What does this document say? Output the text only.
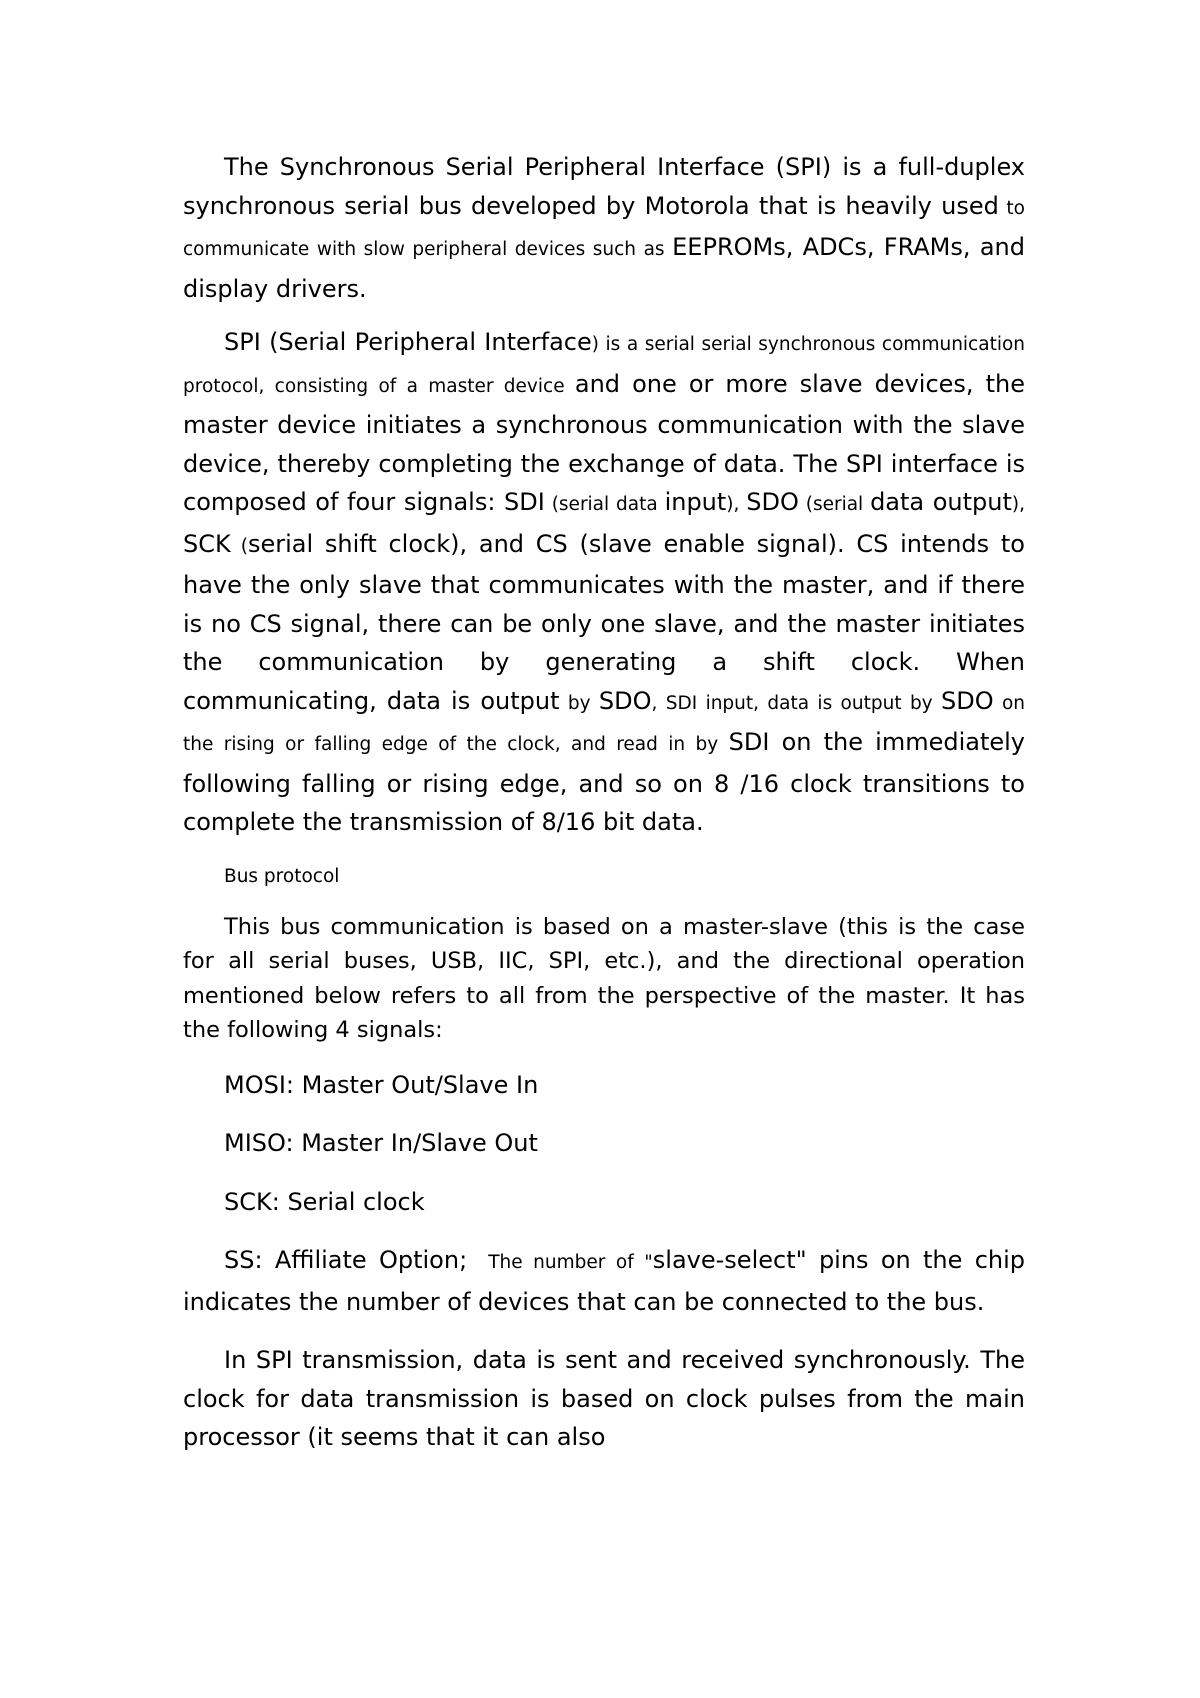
The Synchronous Serial Peripheral Interface (SPI) is a full-duplex synchronous serial bus developed by Motorola that is heavily used to communicate with slow peripheral devices such as EEPROMs, ADCs, FRAMs, and display drivers.

SPI (Serial Peripheral Interface) is a serial serial synchronous communication protocol, consisting of a master device and one or more slave devices, the master device initiates a synchronous communication with the slave device, thereby completing the exchange of data. The SPI interface is composed of four signals: SDI (serial data input), SDO (serial data output), SCK (serial shift clock), and CS (slave enable signal). CS intends to have the only slave that communicates with the master, and if there is no CS signal, there can be only one slave, and the master initiates the communication by generating a shift clock. When communicating, data is output by SDO, SDI input, data is output by SDO on the rising or falling edge of the clock, and read in by SDI on the immediately following falling or rising edge, and so on 8 /16 clock transitions to complete the transmission of 8/16 bit data.

Bus protocol

This bus communication is based on a master-slave (this is the case for all serial buses, USB, IIC, SPI, etc.), and the directional operation mentioned below refers to all from the perspective of the master. It has the following 4 signals:

MOSI: Master Out/Slave In

MISO: Master In/Slave Out

SCK: Serial clock

SS: Affiliate Option;  The number of "slave-select" pins on the chip indicates the number of devices that can be connected to the bus.

In SPI transmission, data is sent and received synchronously. The clock for data transmission is based on clock pulses from the main processor (it seems that it can also
